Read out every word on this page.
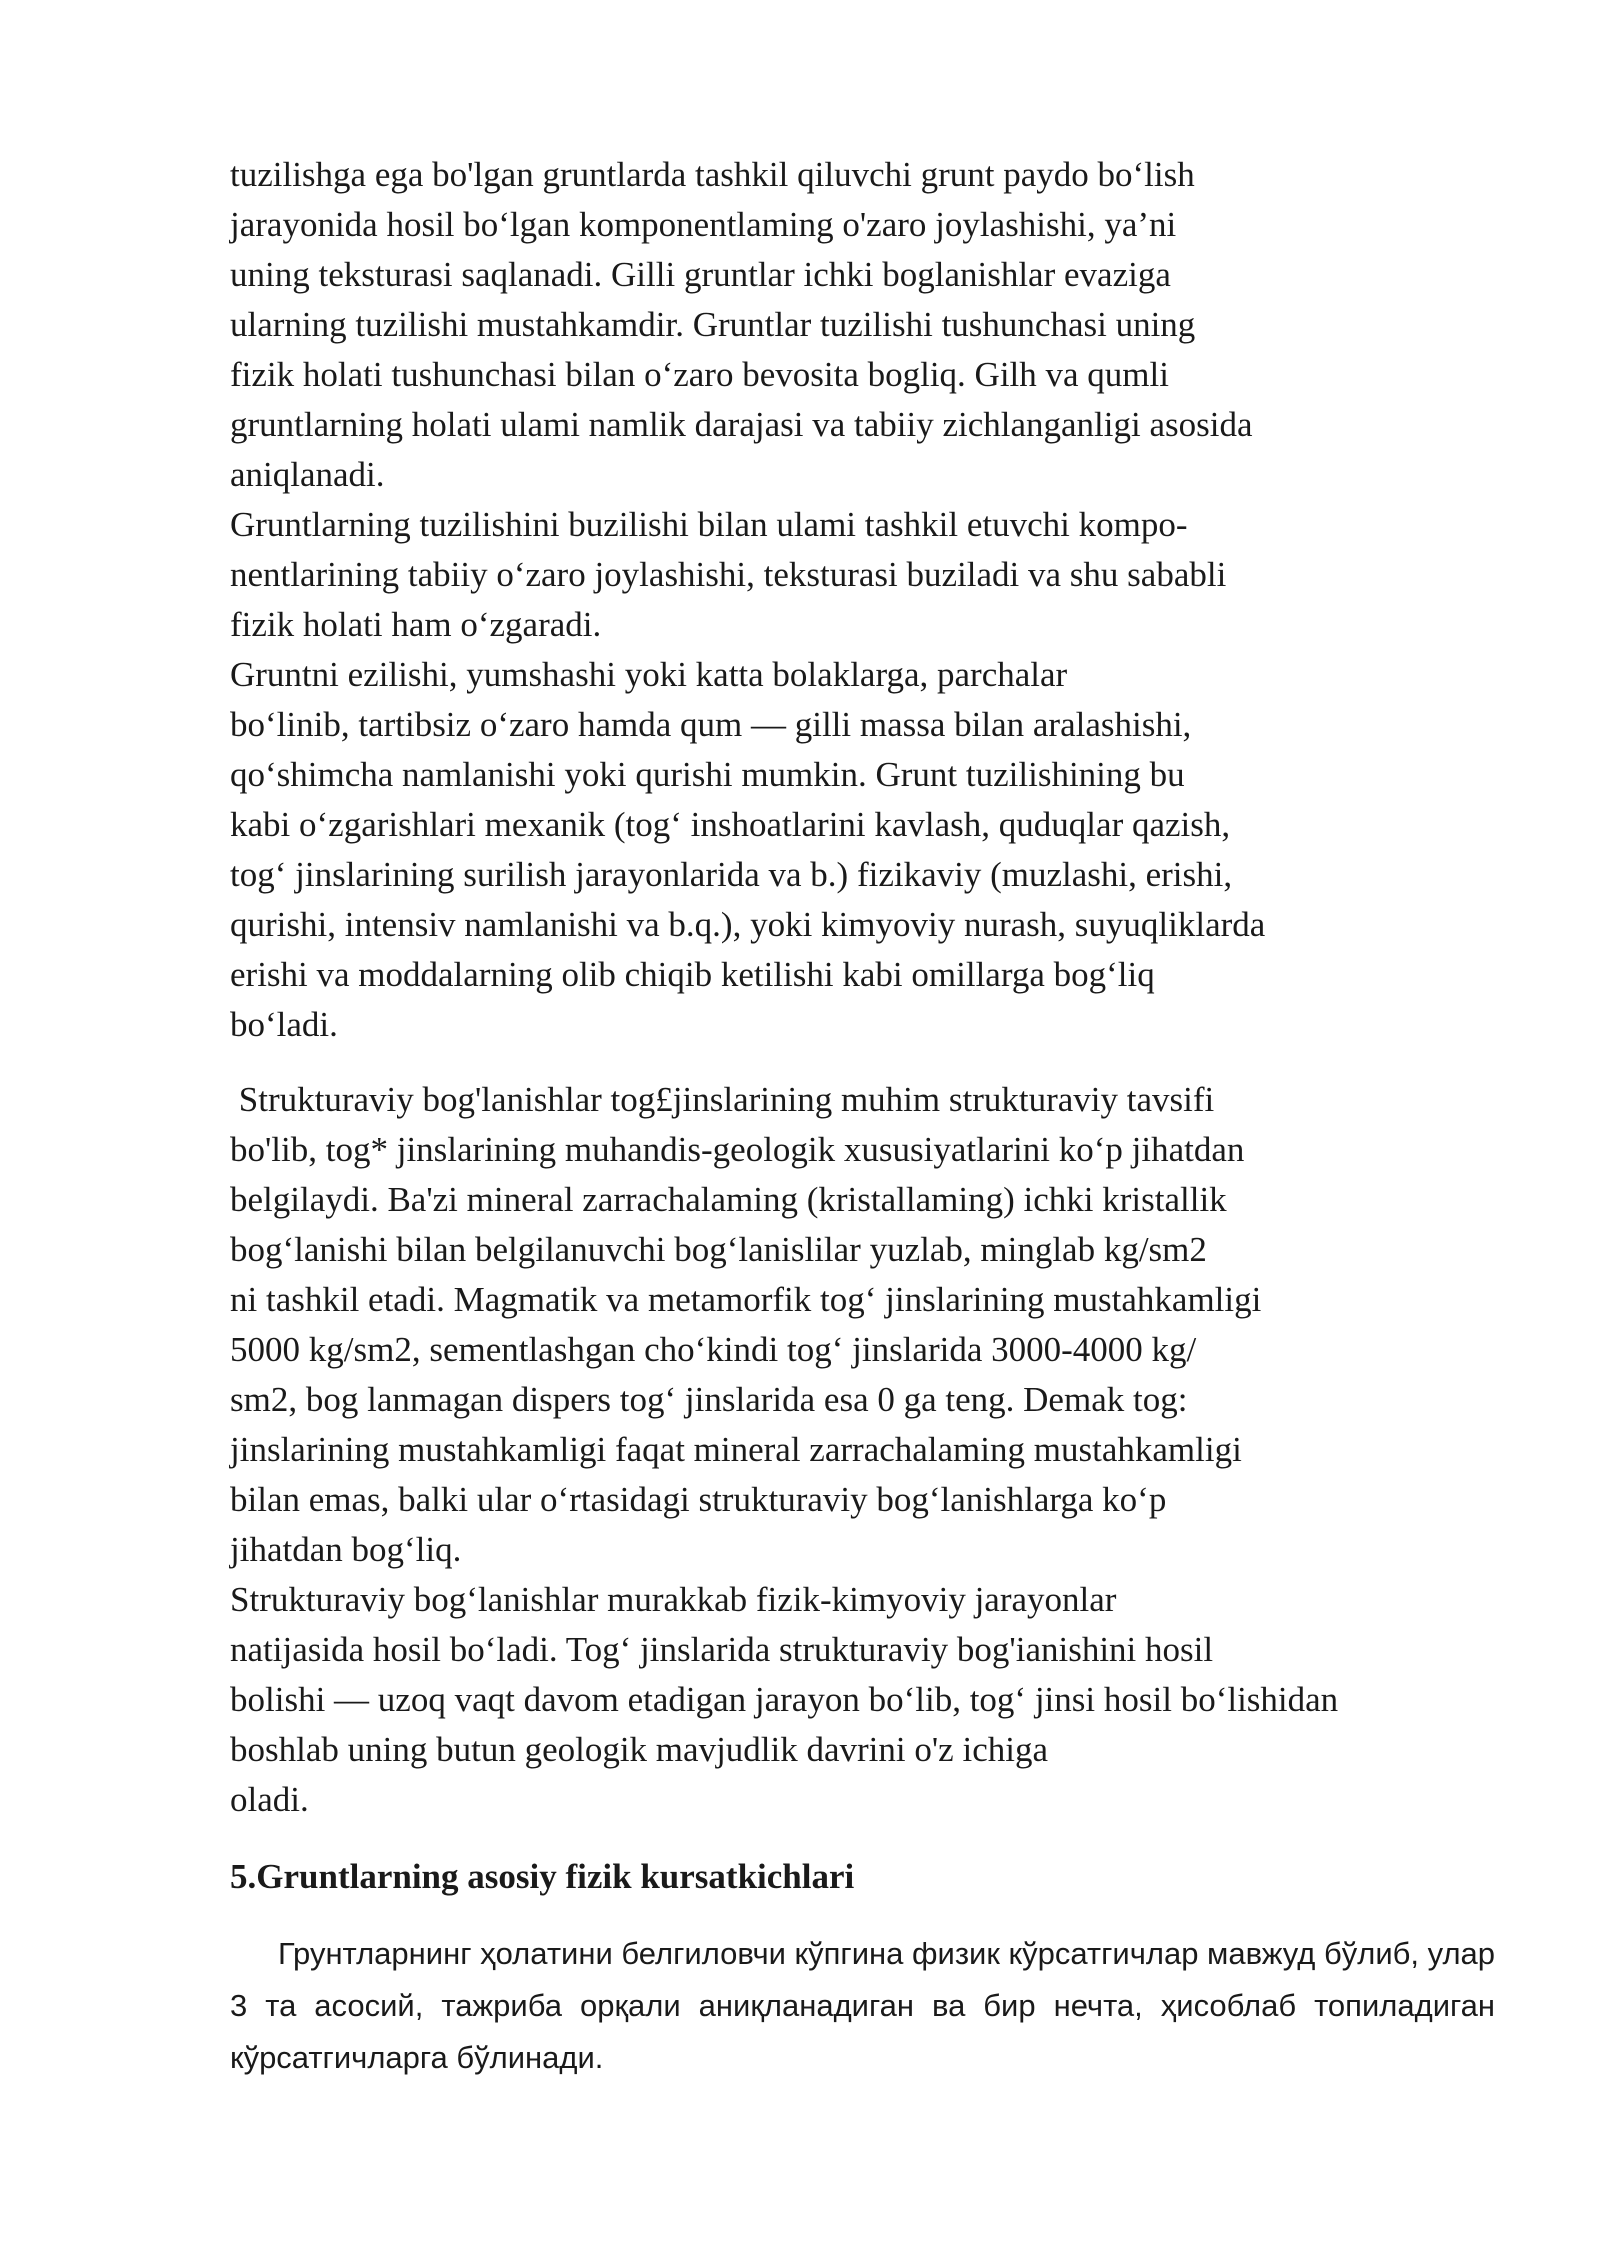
tuzilishga ega bo'lgan gruntlarda tashkil qiluvchi grunt paydo bo‘lish
jarayonida hosil bo‘lgan komponentlaming o'zaro joylashishi, ya’ni
uning teksturasi saqlanadi. Gilli gruntlar ichki boglanishlar evaziga
ularning tuzilishi mustahkamdir. Gruntlar tuzilishi tushunchasi uning
fizik holati tushunchasi bilan o‘zaro bevosita bogliq. Gilh va qumli
gruntlarning holati ulami namlik darajasi va tabiiy zichlanganligi asosida
aniqlanadi.
Gruntlarning tuzilishini buzilishi bilan ulami tashkil etuvchi kompo-
nentlarining tabiiy o‘zaro joylashishi, teksturasi buziladi va shu sababli
fizik holati ham o‘zgaradi.
Gruntni ezilishi, yumshashi yoki katta bolaklarga, parchalar
bo‘linib, tartibsiz o‘zaro hamda qum — gilli massa bilan aralashishi,
qo‘shimcha namlanishi yoki qurishi mumkin. Grunt tuzilishining bu
kabi o‘zgarishlari mexanik (tog‘ inshoatlarini kavlash, quduqlar qazish,
tog‘ jinslarining surilish jarayonlarida va b.) fizikaviy (muzlashi, erishi,
qurishi, intensiv namlanishi va b.q.), yoki kimyoviy nurash, suyuqliklarda
erishi va moddalarning olib chiqib ketilishi kabi omillarga bog‘liq
bo‘ladi.
Strukturaviy bog'lanishlar tog£jinslarining muhim strukturaviy tavsifi
bo'lib, tog* jinslarining muhandis-geologik xususiyatlarini ko‘p jihatdan
belgilaydi. Ba'zi mineral zarrachalaming (kristallaming) ichki kristallik
bog‘lanishi bilan belgilanuvchi bog‘lanislilar yuzlab, minglab kg/sm2
ni tashkil etadi. Magmatik va metamorfik tog‘ jinslarining mustahkamligi
5000 kg/sm2, sementlashgan cho‘kindi tog‘ jinslarida 3000-4000 kg/
sm2, bog lanmagan dispers tog‘ jinslarida esa 0 ga teng. Demak tog:
jinslarining mustahkamligi faqat mineral zarrachalaming mustahkamligi
bilan emas, balki ular o‘rtasidagi strukturaviy bog‘lanishlarga ko‘p
jihatdan bog‘liq.
Strukturaviy bog‘lanishlar murakkab fizik-kimyoviy jarayonlar
natijasida hosil bo‘ladi. Tog‘ jinslarida strukturaviy bog'ianishini hosil
bolishi — uzoq vaqt davom etadigan jarayon bo‘lib, tog‘ jinsi hosil bo‘lishidan
boshlab uning butun geologik mavjudlik davrini o'z ichiga
oladi.
5.Gruntlarning asosiy fizik kursatkichlari

Грунтларнинг ҳолатини белгиловчи кўпгина физик кўрсатгичлар мавжуд бўлиб, улар 3 та асосий, тажриба орқали аниқланадиган ва бир нечта, ҳисоблаб топиладиган кўрсатгичларга бўлинади.
